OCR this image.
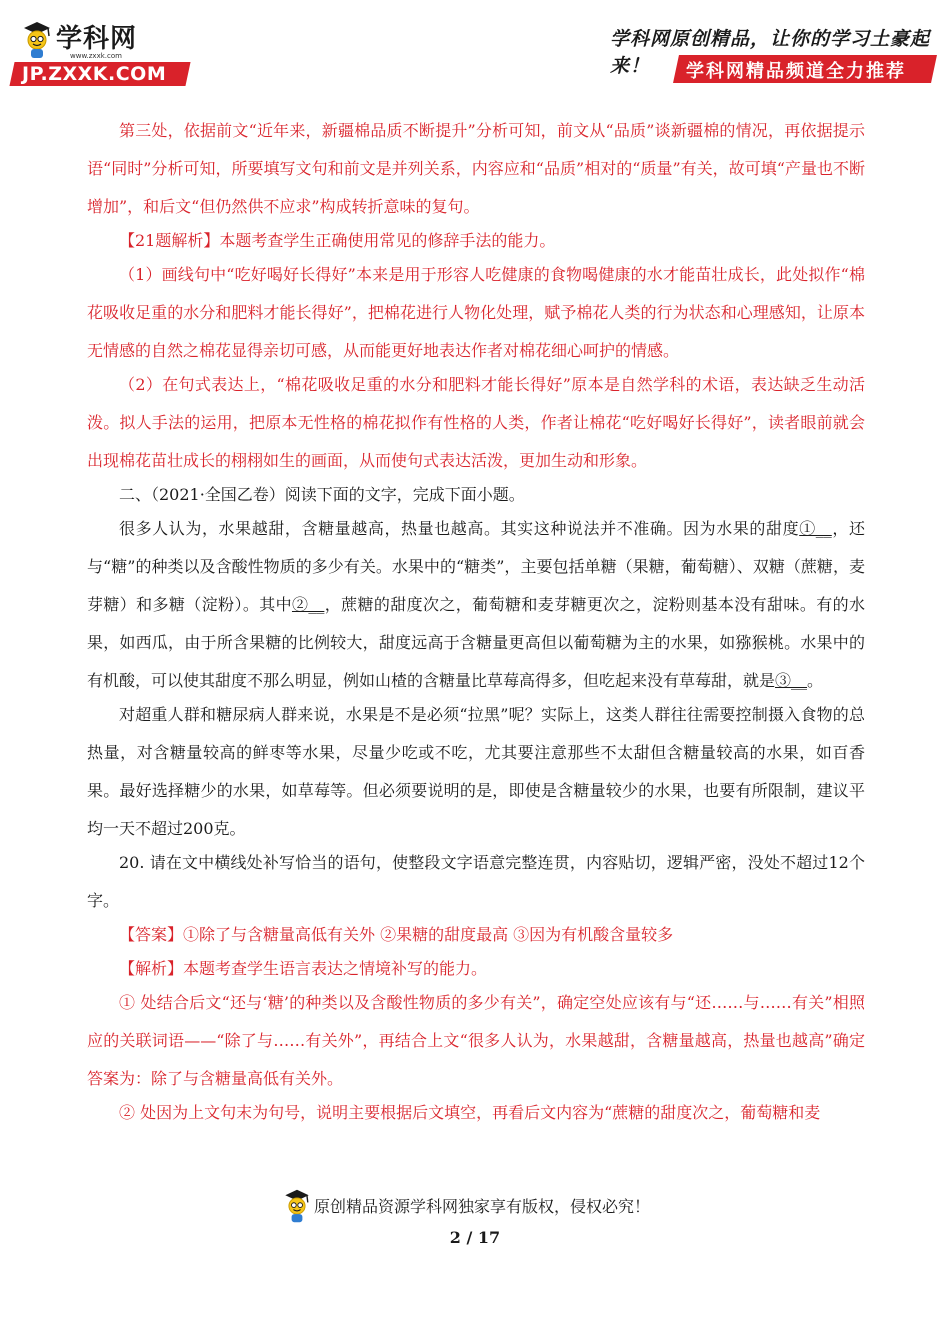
学科网
www.zxxk.com
JP.ZXXK.COM
学科网原创精品，让你的学习土豪起来！	学科网精品频道全力推荐

第三处，依据前文“近年来，新疆棉品质不断提升”分析可知，前文从“品质”谈新疆棉的情况，再依据提示语“同时”分析可知，所要填写文句和前文是并列关系，内容应和“品质”相对的“质量”有关，故可填“产量也不断增加”，和后文“但仍然供不应求”构成转折意味的复句。

【21题解析】本题考查学生正确使用常见的修辞手法的能力。

（1）画线句中“吃好喝好长得好”本来是用于形容人吃健康的食物喝健康的水才能苗壮成长，此处拟作“棉花吸收足重的水分和肥料才能长得好”，把棉花进行人物化处理，赋予棉花人类的行为状态和心理感知，让原本无情感的自然之棉花显得亲切可感，从而能更好地表达作者对棉花细心呵护的情感。

（2）在句式表达上，“棉花吸收足重的水分和肥料才能长得好”原本是自然学科的术语，表达缺乏生动活泼。拟人手法的运用，把原本无性格的棉花拟作有性格的人类，作者让棉花“吃好喝好长得好”，读者眼前就会出现棉花苗壮成长的栩栩如生的画面，从而使句式表达活泼，更加生动和形象。

二、（2021·全国乙卷）阅读下面的文字，完成下面小题。

很多人认为，水果越甜，含糖量越高，热量也越高。其实这种说法并不准确。因为水果的甜度①__，还与“糖”的种类以及含酸性物质的多少有关。水果中的“糖类”，主要包括单糖（果糖，葡萄糖）、双糖（蔗糖，麦芽糖）和多糖（淀粉）。其中②__，蔗糖的甜度次之，葡萄糖和麦芽糖更次之，淀粉则基本没有甜味。有的水果，如西瓜，由于所含果糖的比例较大，甜度远高于含糖量更高但以葡萄糖为主的水果，如猕猴桃。水果中的有机酸，可以使其甜度不那么明显，例如山楂的含糖量比草莓高得多，但吃起来没有草莓甜，就是③__。

对超重人群和糖尿病人群来说，水果是不是必须“拉黑”呢？实际上，这类人群往往需要控制摄入食物的总热量，对含糖量较高的鲜枣等水果，尽量少吃或不吃，尤其要注意那些不太甜但含糖量较高的水果，如百香果。最好选择糖少的水果，如草莓等。但必须要说明的是，即使是含糖量较少的水果，也要有所限制，建议平均一天不超过200克。

20. 请在文中横线处补写恰当的语句，使整段文字语意完整连贯，内容贴切，逻辑严密，没处不超过12个字。

【答案】①除了与含糖量高低有关外 ②果糖的甜度最高 ③因为有机酸含量较多

【解析】本题考查学生语言表达之情境补写的能力。

① 处结合后文“还与‘糖’的种类以及含酸性物质的多少有关”，确定空处应该有与“还……与……有关”相照应的关联词语——“除了与……有关外”，再结合上文“很多人认为，水果越甜，含糖量越高，热量也越高”确定答案为：除了与含糖量高低有关外。

② 处因为上文句末为句号，说明主要根据后文填空，再看后文内容为“蔗糖的甜度次之，葡萄糖和麦

原创精品资源学科网独家享有版权，侵权必究！
2 / 17
